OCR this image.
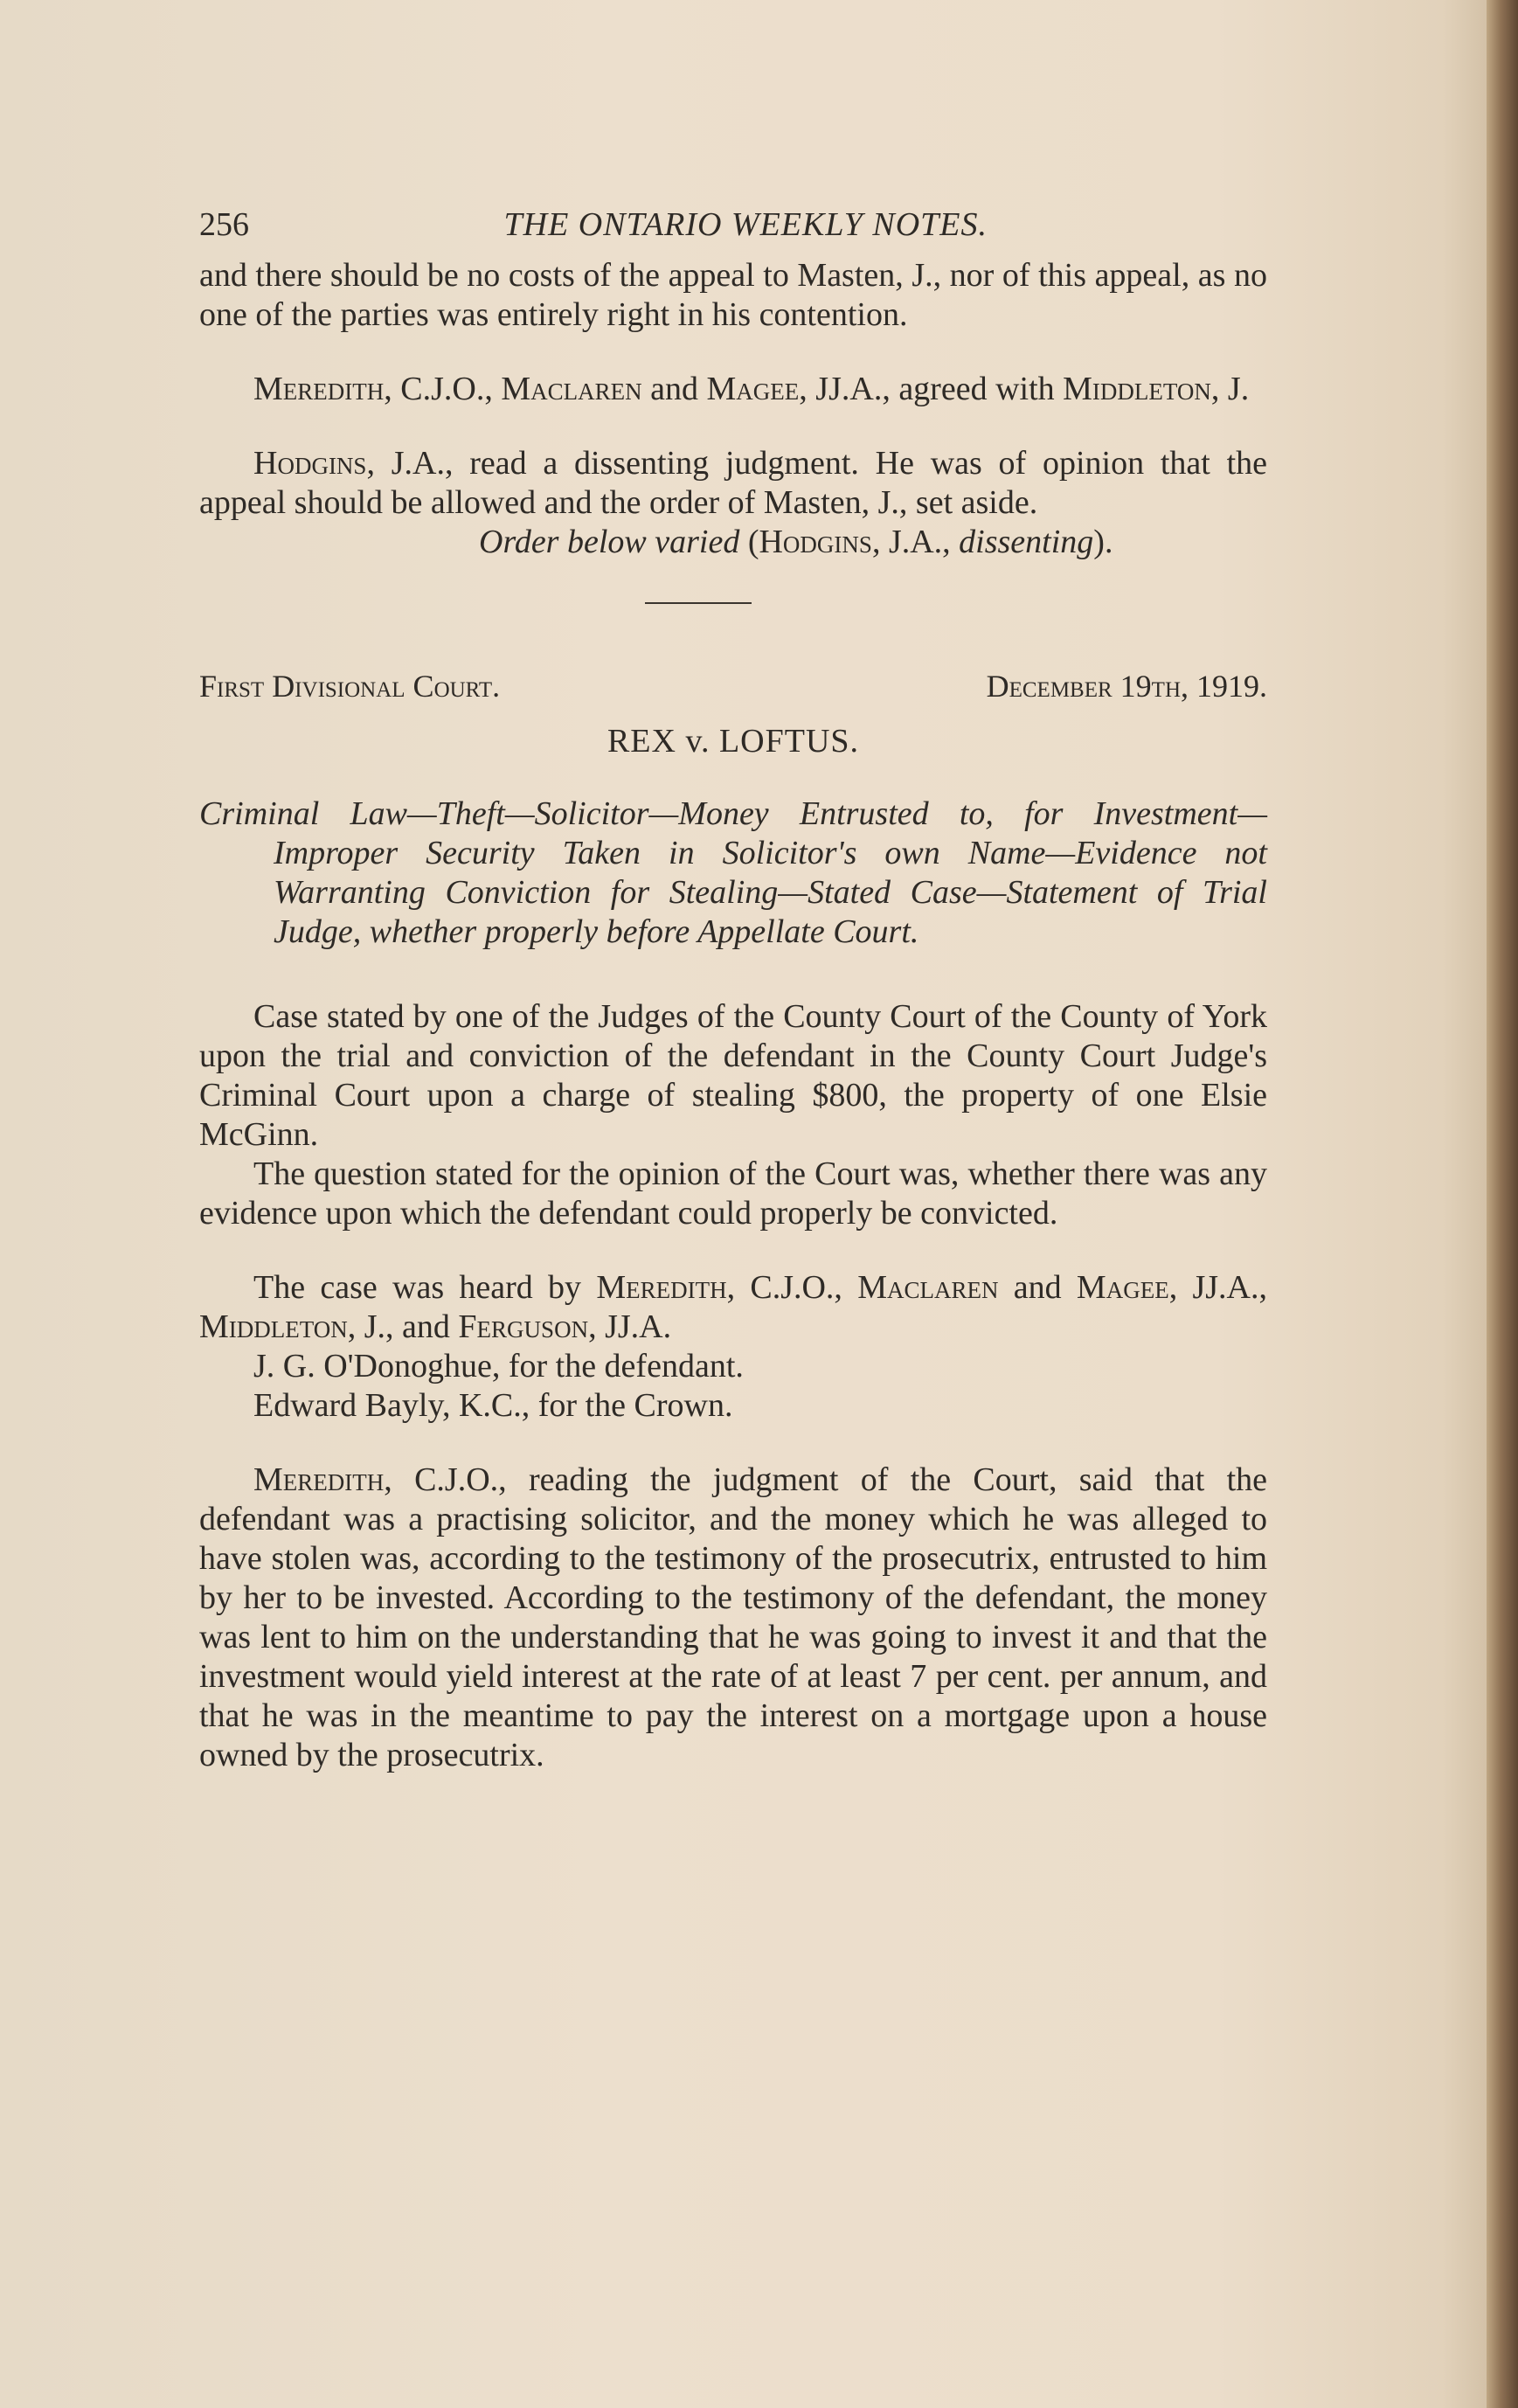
256	THE ONTARIO WEEKLY NOTES.

and there should be no costs of the appeal to Masten, J., nor of this appeal, as no one of the parties was entirely right in his contention.

Meredith, C.J.O., Maclaren and Magee, JJ.A., agreed with Middleton, J.

Hodgins, J.A., read a dissenting judgment. He was of opinion that the appeal should be allowed and the order of Masten, J., set aside.

Order below varied (Hodgins, J.A., dissenting).
First Divisional Court.	December 19th, 1919.
REX v. LOFTUS.
Criminal Law—Theft—Solicitor—Money Entrusted to, for Investment—Improper Security Taken in Solicitor's own Name—Evidence not Warranting Conviction for Stealing—Stated Case—Statement of Trial Judge, whether properly before Appellate Court.

Case stated by one of the Judges of the County Court of the County of York upon the trial and conviction of the defendant in the County Court Judge's Criminal Court upon a charge of stealing $800, the property of one Elsie McGinn.

The question stated for the opinion of the Court was, whether there was any evidence upon which the defendant could properly be convicted.

The case was heard by Meredith, C.J.O., Maclaren and Magee, JJ.A., Middleton, J., and Ferguson, JJ.A.

J. G. O'Donoghue, for the defendant.

Edward Bayly, K.C., for the Crown.

Meredith, C.J.O., reading the judgment of the Court, said that the defendant was a practising solicitor, and the money which he was alleged to have stolen was, according to the testimony of the prosecutrix, entrusted to him by her to be invested. According to the testimony of the defendant, the money was lent to him on the understanding that he was going to invest it and that the investment would yield interest at the rate of at least 7 per cent. per annum, and that he was in the meantime to pay the interest on a mortgage upon a house owned by the prosecutrix.
